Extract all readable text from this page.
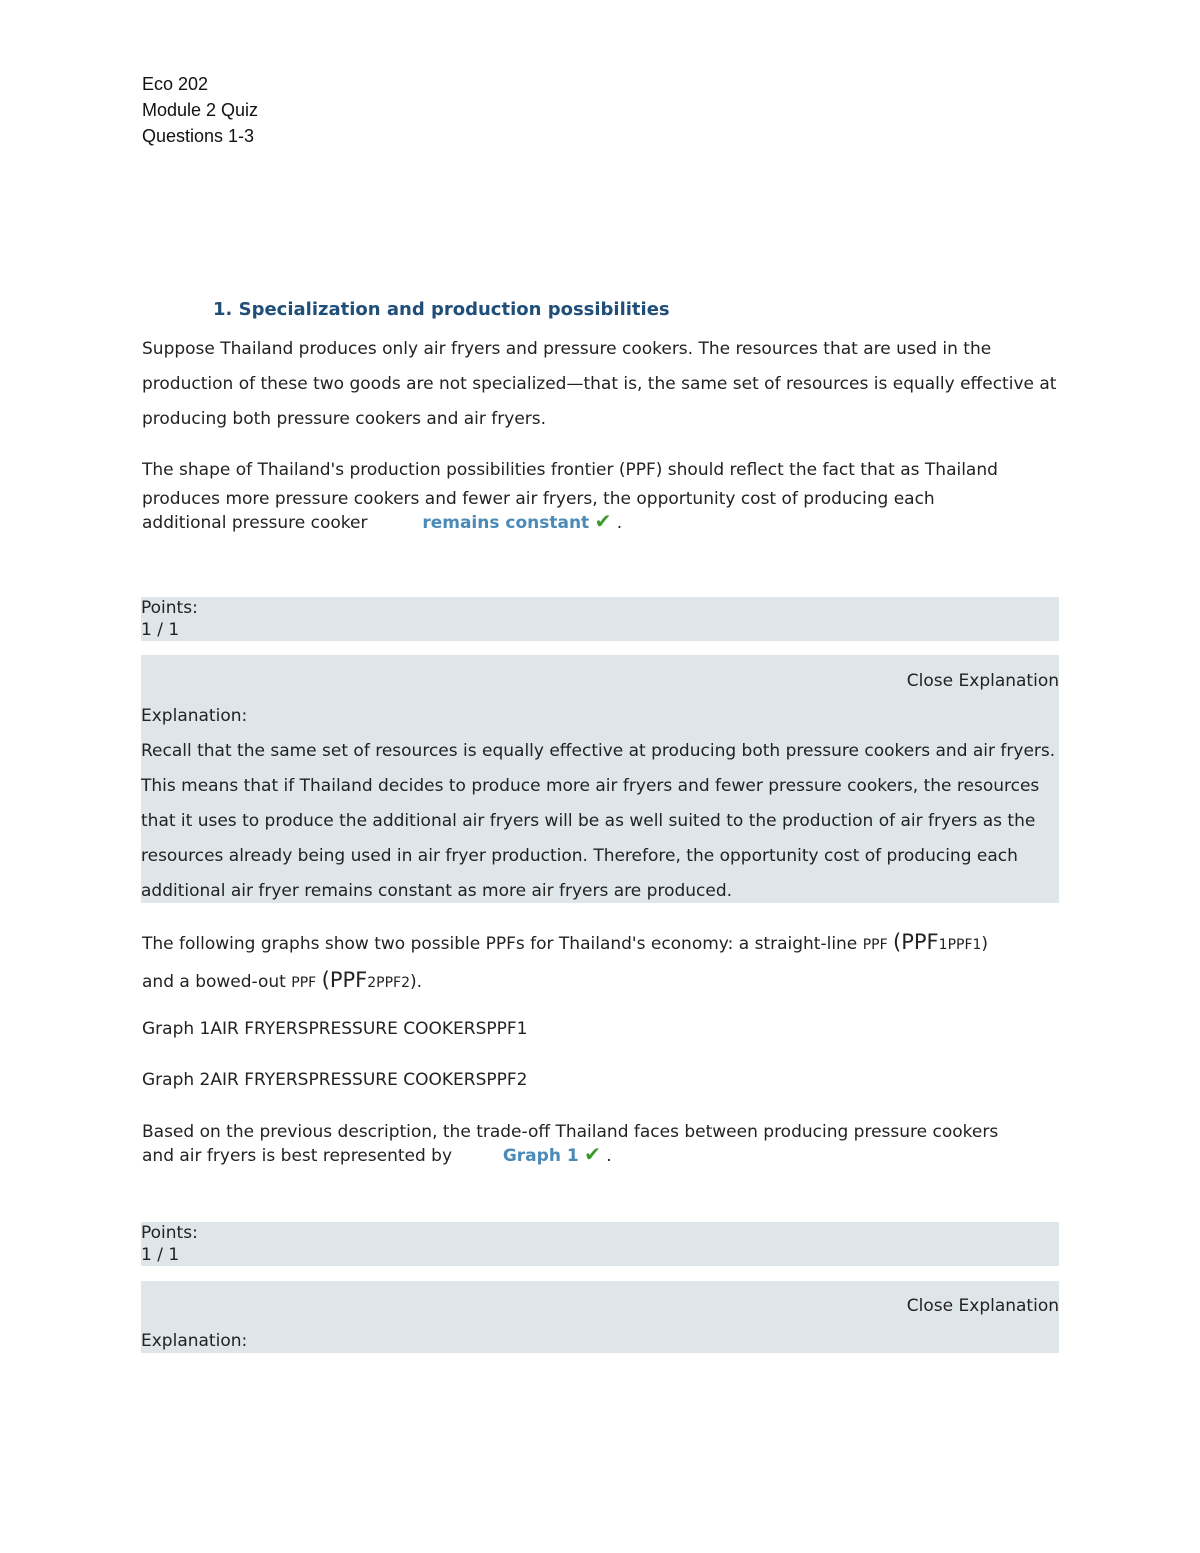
Eco 202
Module 2 Quiz
Questions 1-3
1. Specialization and production possibilities
Suppose Thailand produces only air fryers and pressure cookers. The resources that are used in the production of these two goods are not specialized—that is, the same set of resources is equally effective at producing both pressure cookers and air fryers.
The shape of Thailand's production possibilities frontier (PPF) should reflect the fact that as Thailand
produces more pressure cookers and fewer air fryers, the opportunity cost of producing each
additional pressure cooker	remains constant ✔ .
Points:
1 / 1
Close Explanation
Explanation:
Recall that the same set of resources is equally effective at producing both pressure cookers and air fryers. This means that if Thailand decides to produce more air fryers and fewer pressure cookers, the resources that it uses to produce the additional air fryers will be as well suited to the production of air fryers as the resources already being used in air fryer production. Therefore, the opportunity cost of producing each additional air fryer remains constant as more air fryers are produced.
The following graphs show two possible PPFs for Thailand's economy: a straight-line PPF (PPF1PPF1)
and a bowed-out PPF (PPF2PPF2).
Graph 1AIR FRYERSPRESSURE COOKERSPPF1
Graph 2AIR FRYERSPRESSURE COOKERSPPF2
Based on the previous description, the trade-off Thailand faces between producing pressure cookers
and air fryers is best represented by	Graph 1 ✔ .
Points:
1 / 1
Close Explanation
Explanation:
